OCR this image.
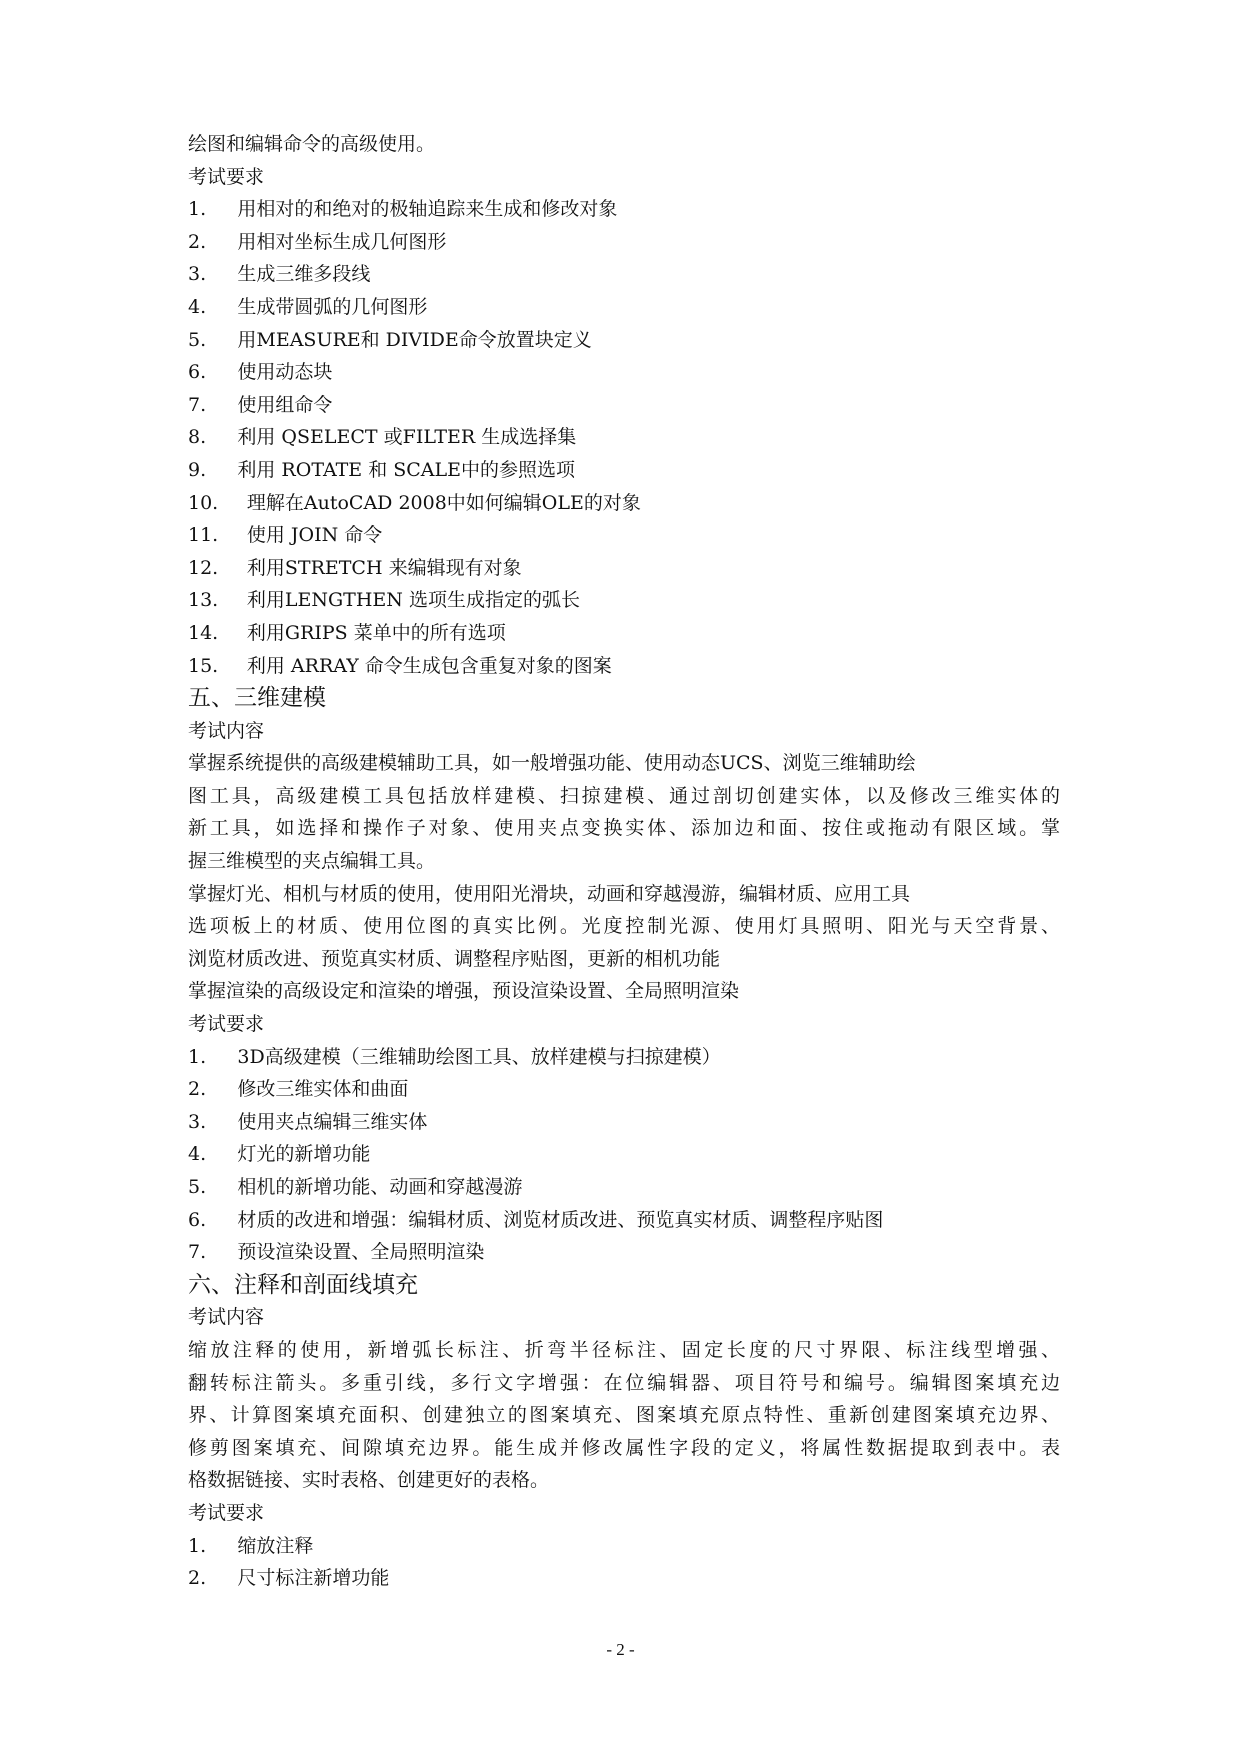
绘图和编辑命令的高级使用。
考试要求
1. 用相对的和绝对的极轴追踪来生成和修改对象
2. 用相对坐标生成几何图形
3. 生成三维多段线
4. 生成带圆弧的几何图形
5. 用MEASURE和 DIVIDE命令放置块定义
6. 使用动态块
7. 使用组命令
8. 利用 QSELECT 或FILTER 生成选择集
9. 利用 ROTATE 和 SCALE中的参照选项
10. 理解在AutoCAD 2008中如何编辑OLE的对象
11. 使用 JOIN 命令
12. 利用STRETCH 来编辑现有对象
13. 利用LENGTHEN 选项生成指定的弧长
14. 利用GRIPS 菜单中的所有选项
15. 利用 ARRAY 命令生成包含重复对象的图案
五、三维建模
考试内容
掌握系统提供的高级建模辅助工具，如一般增强功能、使用动态UCS、浏览三维辅助绘
图工具，高级建模工具包括放样建模、扫掠建模、通过剖切创建实体，以及修改三维实体的
新工具，如选择和操作子对象、使用夹点变换实体、添加边和面、按住或拖动有限区域。掌
握三维模型的夹点编辑工具。
掌握灯光、相机与材质的使用，使用阳光滑块，动画和穿越漫游，编辑材质、应用工具
选项板上的材质、使用位图的真实比例。光度控制光源、使用灯具照明、阳光与天空背景、
浏览材质改进、预览真实材质、调整程序贴图，更新的相机功能
掌握渲染的高级设定和渲染的增强，预设渲染设置、全局照明渲染
考试要求
1. 3D高级建模（三维辅助绘图工具、放样建模与扫掠建模）
2. 修改三维实体和曲面
3. 使用夹点编辑三维实体
4. 灯光的新增功能
5. 相机的新增功能、动画和穿越漫游
6. 材质的改进和增强：编辑材质、浏览材质改进、预览真实材质、调整程序贴图
7. 预设渲染设置、全局照明渲染
六、注释和剖面线填充
考试内容
缩放注释的使用，新增弧长标注、折弯半径标注、固定长度的尺寸界限、标注线型增强、
翻转标注箭头。多重引线，多行文字增强：在位编辑器、项目符号和编号。编辑图案填充边
界、计算图案填充面积、创建独立的图案填充、图案填充原点特性、重新创建图案填充边界、
修剪图案填充、间隙填充边界。能生成并修改属性字段的定义，将属性数据提取到表中。表
格数据链接、实时表格、创建更好的表格。
考试要求
1. 缩放注释
2. 尺寸标注新增功能
- 2 -
